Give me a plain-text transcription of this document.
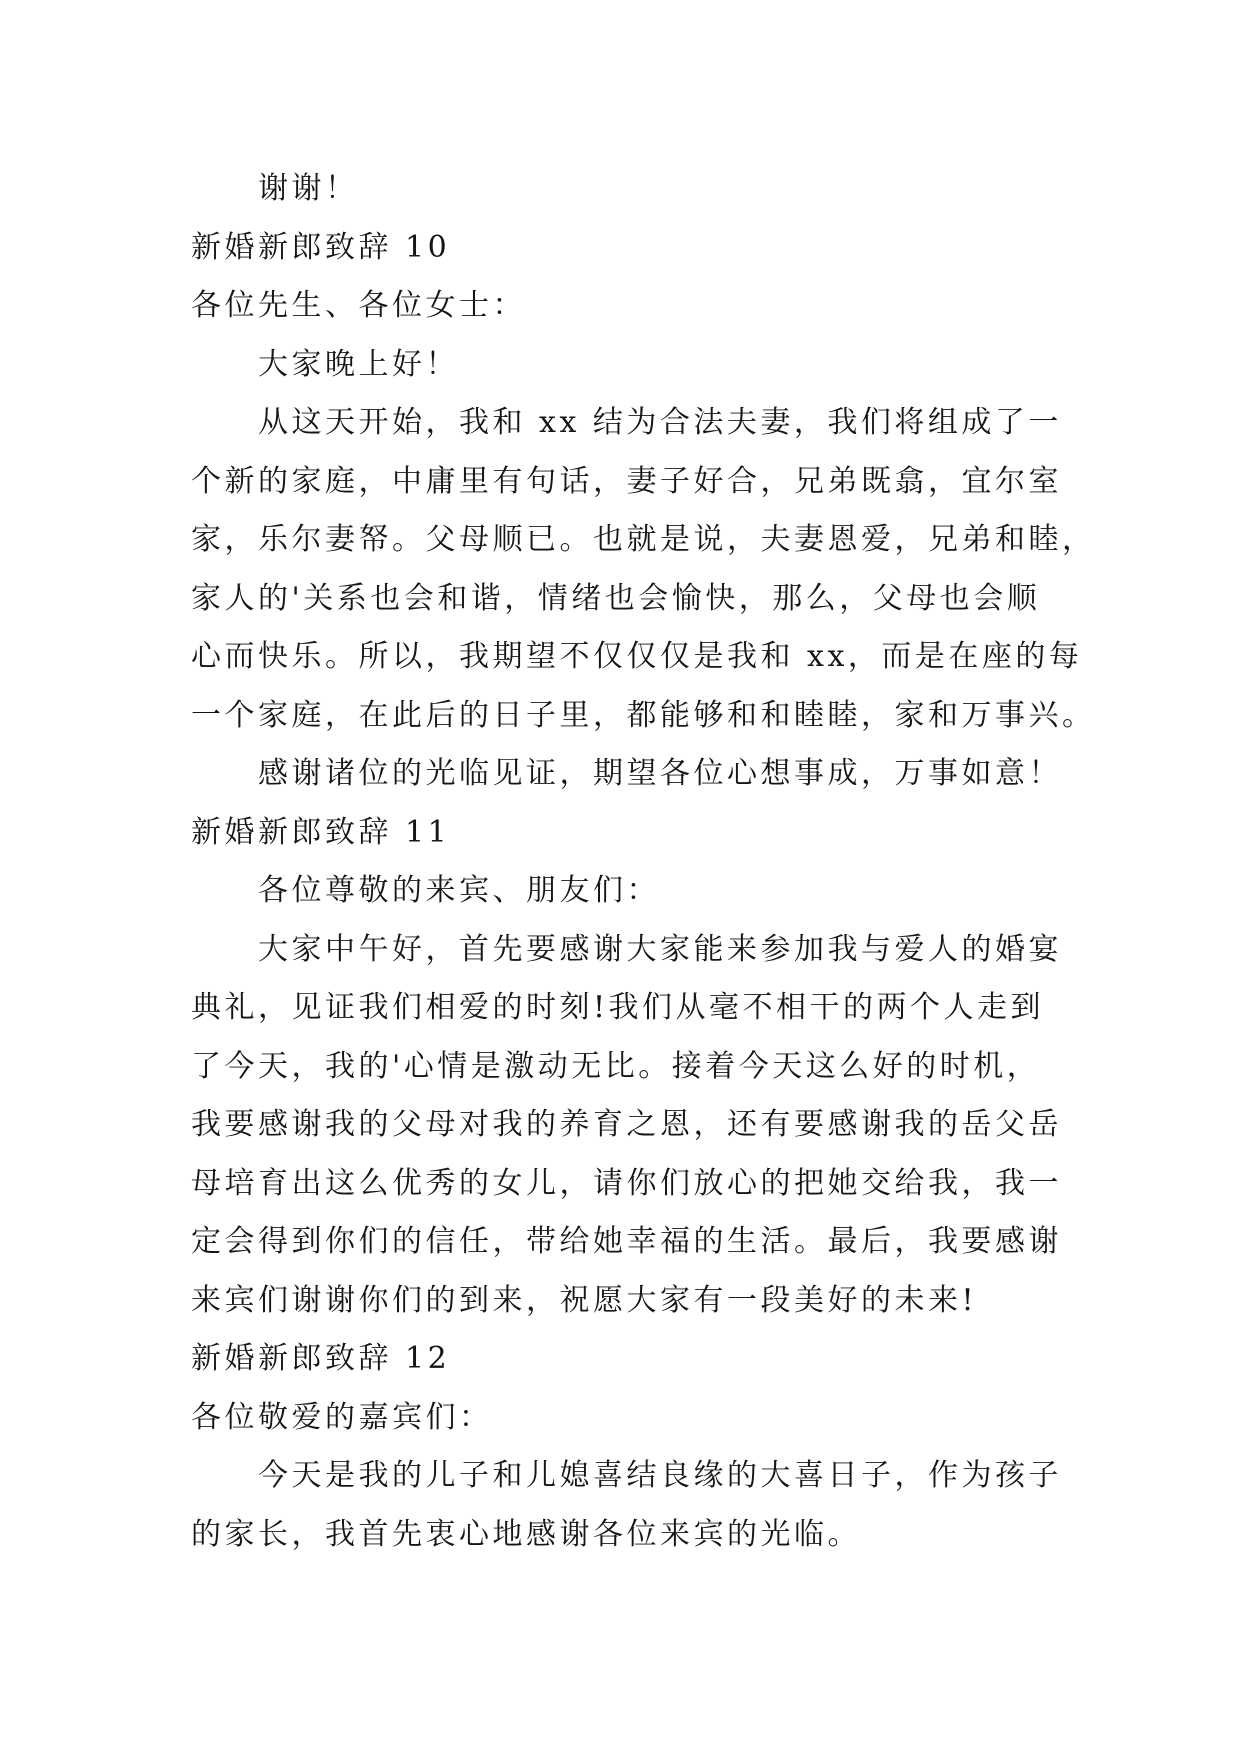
谢谢！
新婚新郎致辞 10
各位先生、各位女士：
大家晚上好！
从这天开始，我和 xx 结为合法夫妻，我们将组成了一
个新的家庭，中庸里有句话，妻子好合，兄弟既翕，宜尔室
家，乐尔妻帑。父母顺已。也就是说，夫妻恩爱，兄弟和睦，
家人的'关系也会和谐，情绪也会愉快，那么，父母也会顺
心而快乐。所以，我期望不仅仅仅是我和 xx，而是在座的每
一个家庭，在此后的日子里，都能够和和睦睦，家和万事兴。
感谢诸位的光临见证，期望各位心想事成，万事如意！
新婚新郎致辞 11
各位尊敬的来宾、朋友们：
大家中午好，首先要感谢大家能来参加我与爱人的婚宴
典礼，见证我们相爱的时刻!我们从毫不相干的两个人走到
了今天，我的'心情是激动无比。接着今天这么好的时机，
我要感谢我的父母对我的养育之恩，还有要感谢我的岳父岳
母培育出这么优秀的女儿，请你们放心的把她交给我，我一
定会得到你们的信任，带给她幸福的生活。最后，我要感谢
来宾们谢谢你们的到来，祝愿大家有一段美好的未来!
新婚新郎致辞 12
各位敬爱的嘉宾们：
今天是我的儿子和儿媳喜结良缘的大喜日子，作为孩子
的家长，我首先衷心地感谢各位来宾的光临。
